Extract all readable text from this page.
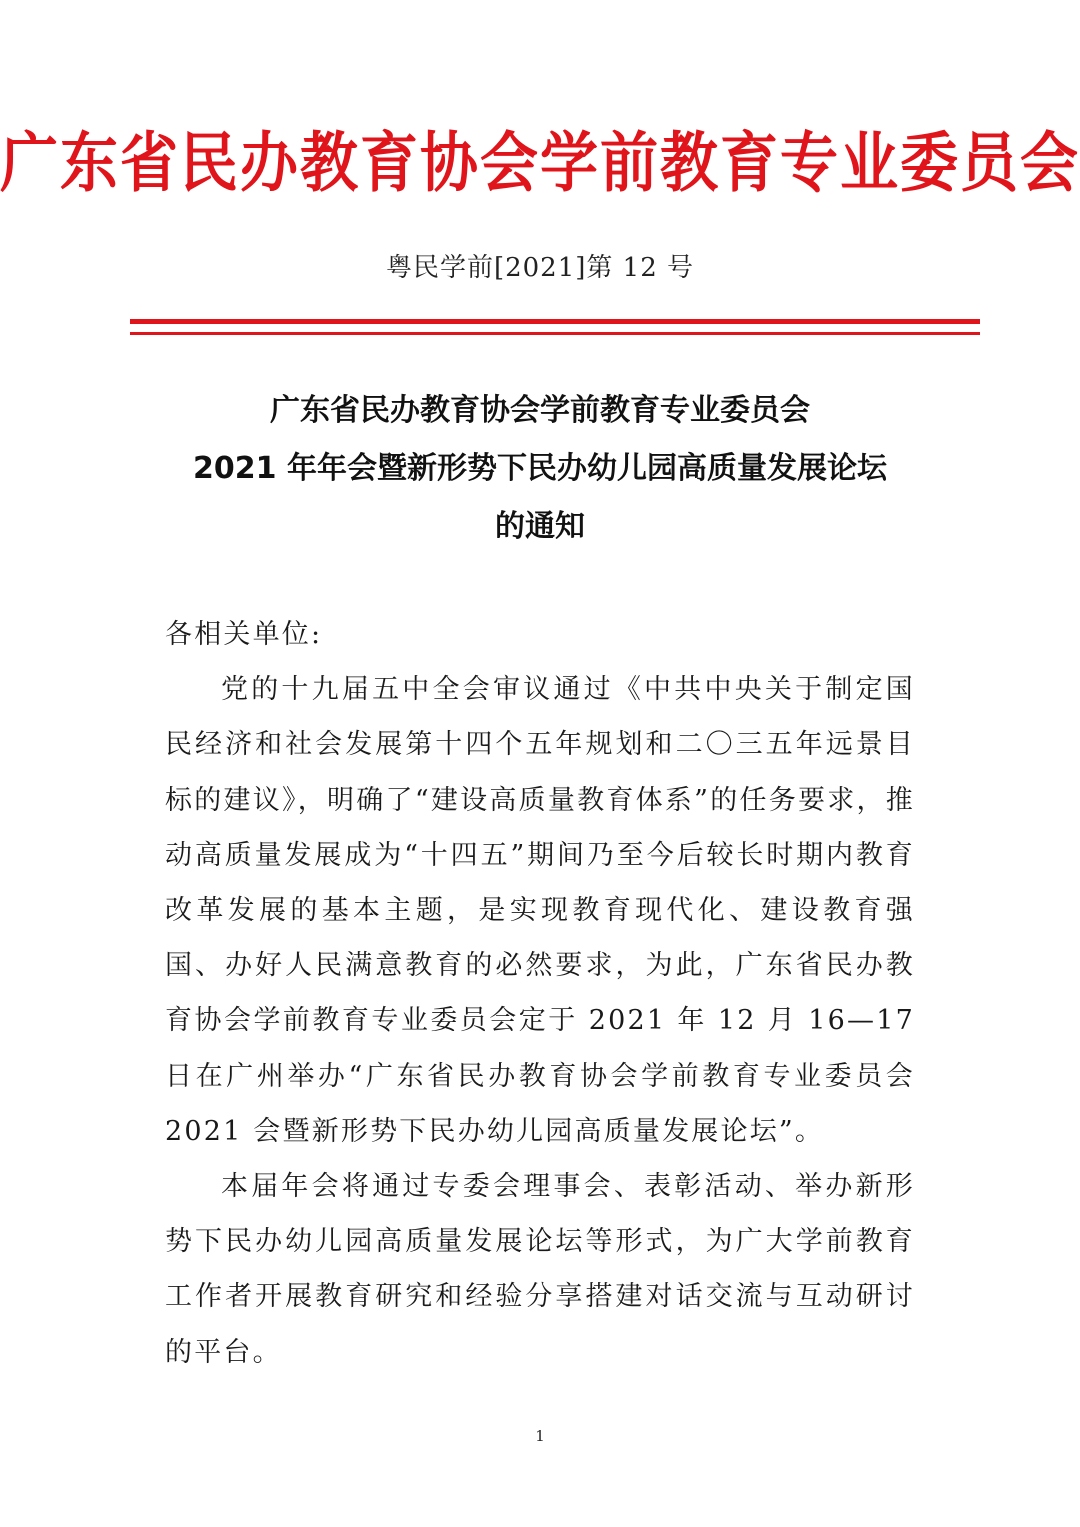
广东省民办教育协会学前教育专业委员会
粤民学前[2021]第 12 号
广东省民办教育协会学前教育专业委员会
2021 年年会暨新形势下民办幼儿园高质量发展论坛
的通知

各相关单位:

党的十九届五中全会审议通过《中共中央关于制定国民经济和社会发展第十四个五年规划和二〇三五年远景目标的建议》，明确了“建设高质量教育体系”的任务要求，推动高质量发展成为“十四五”期间乃至今后较长时期内教育改革发展的基本主题，是实现教育现代化、建设教育强国、办好人民满意教育的必然要求，为此，广东省民办教育协会学前教育专业委员会定于 2021 年 12 月 16—17 日在广州举办“广东省民办教育协会学前教育专业委员会 2021 会暨新形势下民办幼儿园高质量发展论坛”。

本届年会将通过专委会理事会、表彰活动、举办新形势下民办幼儿园高质量发展论坛等形式，为广大学前教育工作者开展教育研究和经验分享搭建对话交流与互动研讨的平台。

1
